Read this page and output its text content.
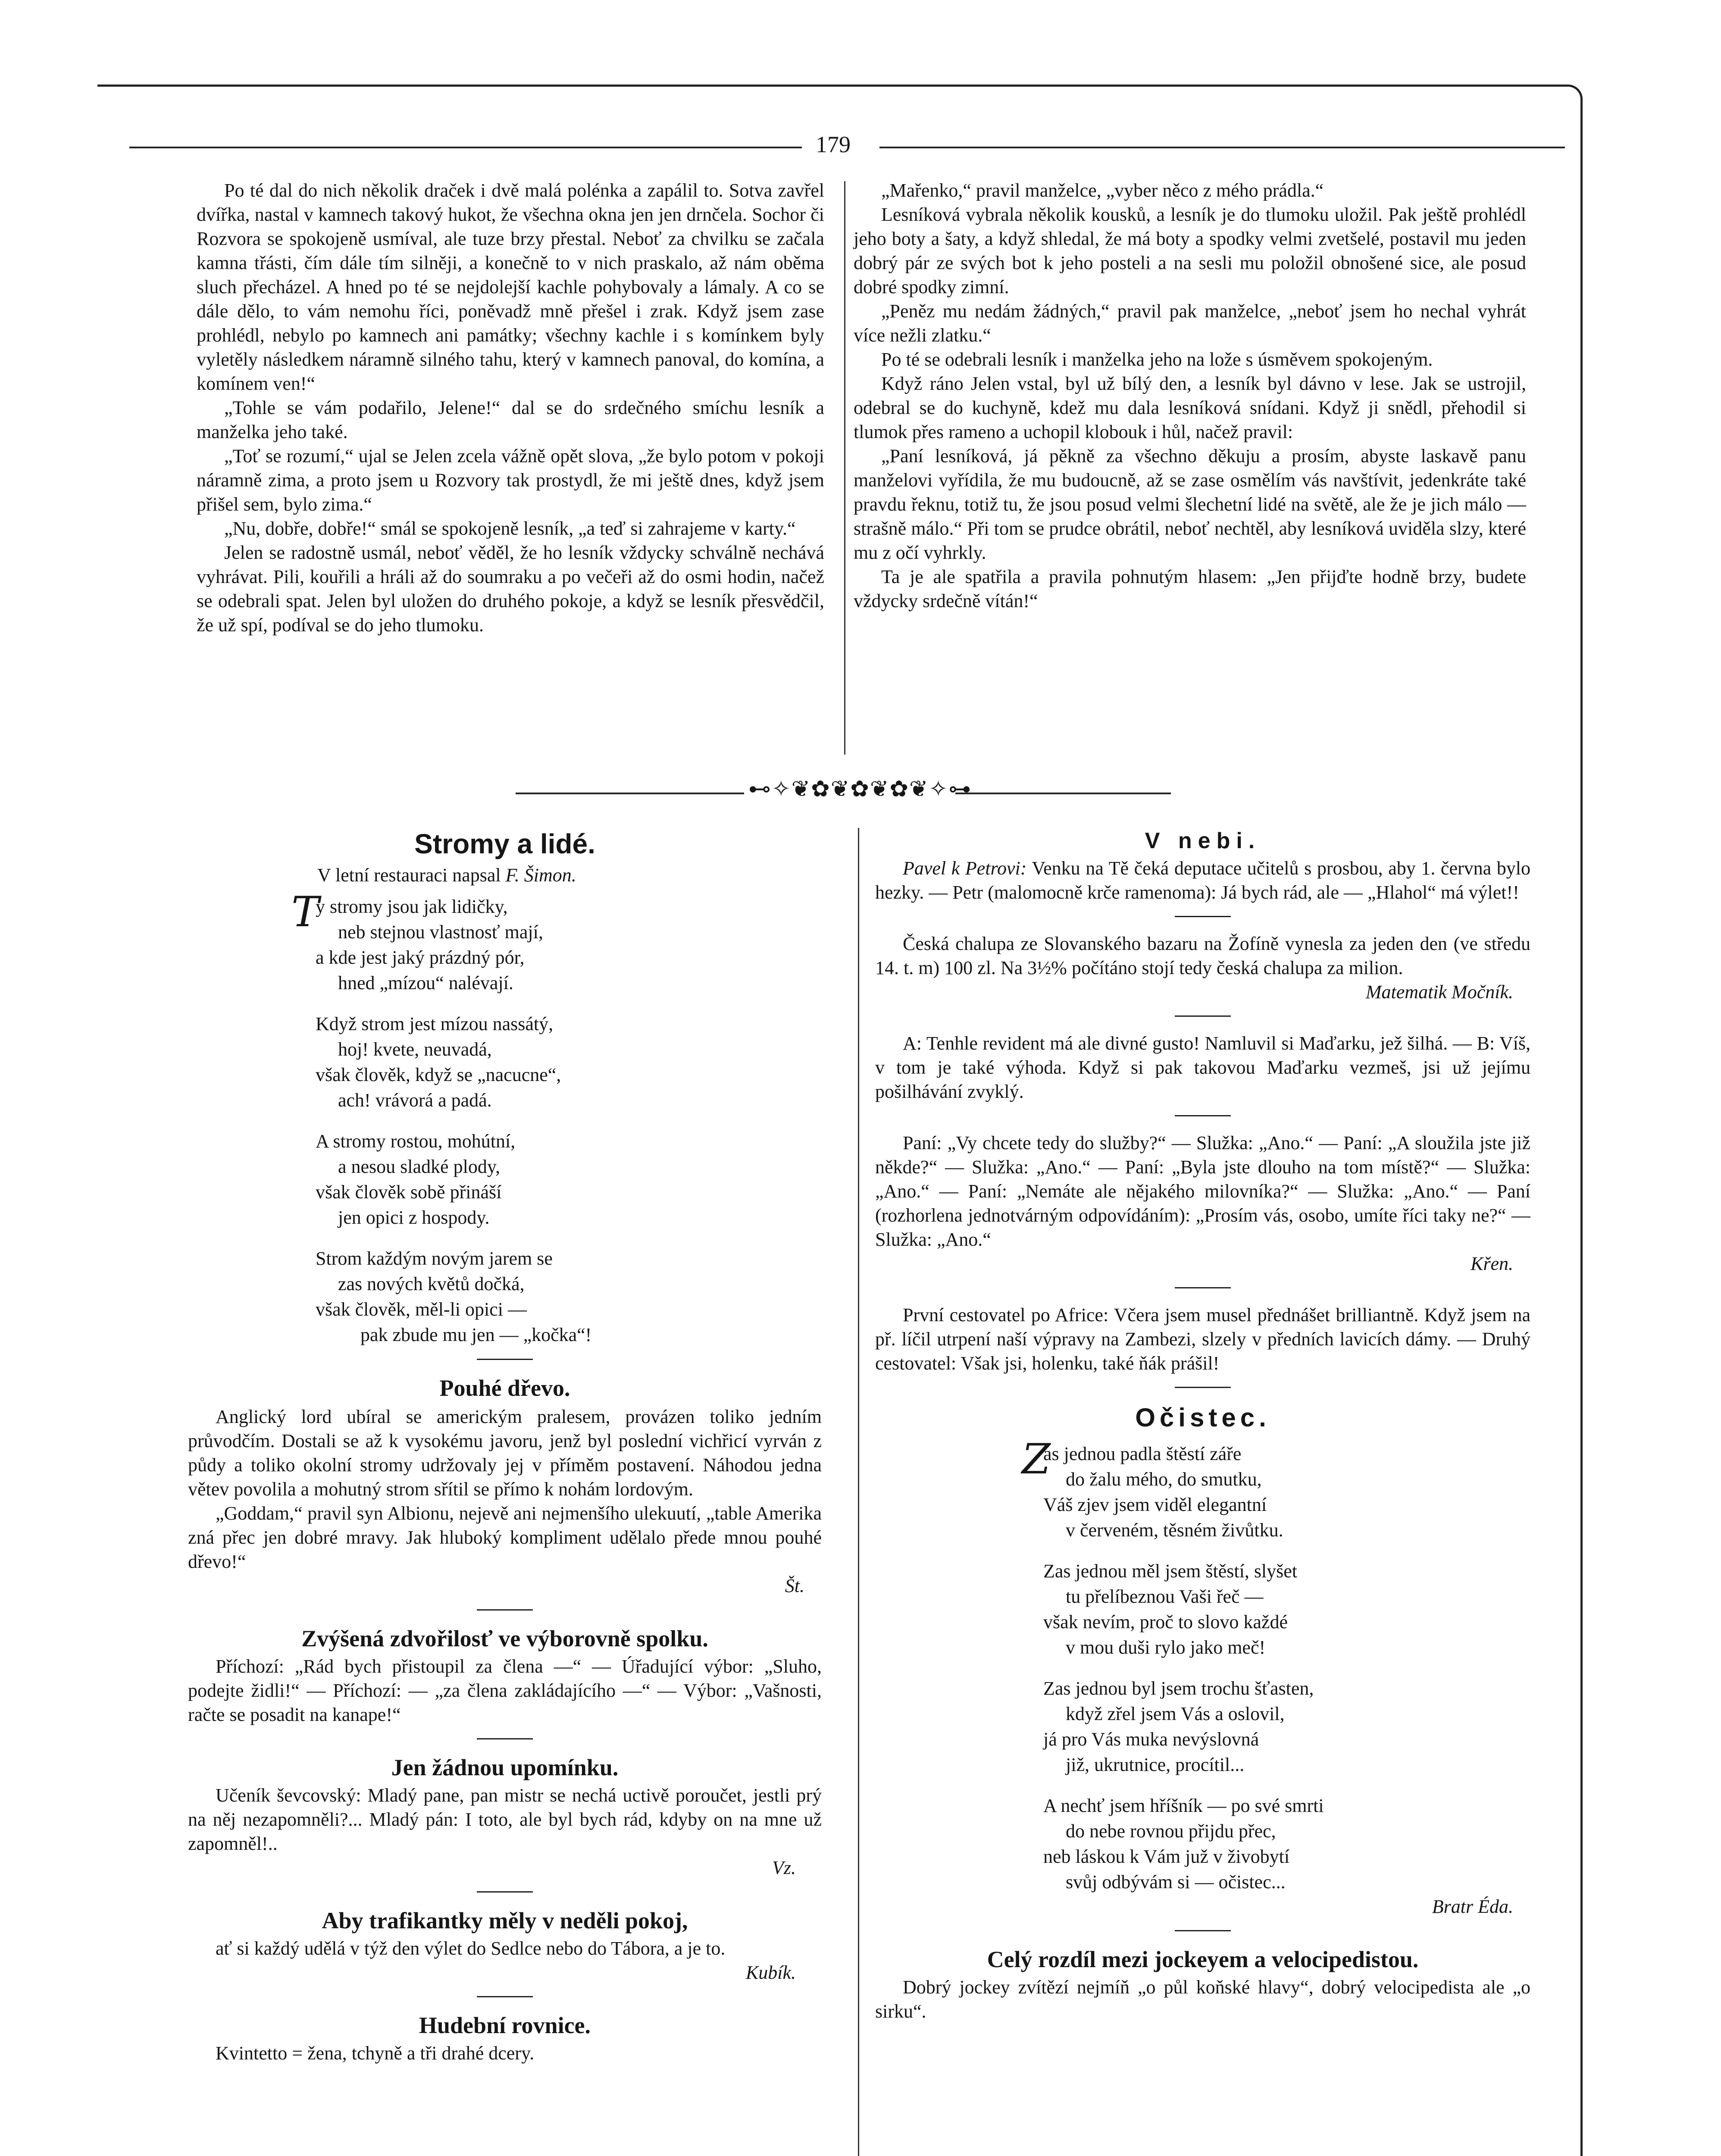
179

Po té dal do nich několik draček i dvě malá polénka a zapálil to. Sotva zavřel dvířka, nastal v kamnech takový hukot, že všechna okna jen jen drnčela. Sochor či Rozvora se spokojeně usmíval, ale tuze brzy přestal. Neboť za chvilku se začala kamna třásti, čím dále tím silněji, a konečně to v nich praskalo, až nám oběma sluch přecházel. A hned po té se nejdolejší kachle pohybovaly a lámaly. A co se dále dělo, to vám nemohu říci, poněvadž mně přešel i zrak. Když jsem zase prohlédl, nebylo po kamnech ani památky; všechny kachle i s komínkem byly vyletěly následkem náramně silného tahu, který v kamnech panoval, do komína, a komínem ven!“

„Tohle se vám podařilo, Jelene!“ dal se do srdečného smíchu lesník a manželka jeho také.

„Toť se rozumí,“ ujal se Jelen zcela vážně opět slova, „že bylo potom v pokoji náramně zima, a proto jsem u Rozvory tak prostydl, že mi ještě dnes, když jsem přišel sem, bylo zima.“

„Nu, dobře, dobře!“ smál se spokojeně lesník, „a teď si zahrajeme v karty.“

Jelen se radostně usmál, neboť věděl, že ho lesník vždycky schválně nechává vyhrávat. Pili, kouřili a hráli až do soumraku a po večeři až do osmi hodin, načež se odebrali spat. Jelen byl uložen do druhého pokoje, a když se lesník přesvědčil, že už spí, podíval se do jeho tlumoku.

„Mařenko,“ pravil manželce, „vyber něco z mého prádla.“

Lesníková vybrala několik kousků, a lesník je do tlumoku uložil. Pak ještě prohlédl jeho boty a šaty, a když shledal, že má boty a spodky velmi zvetšelé, postavil mu jeden dobrý pár ze svých bot k jeho posteli a na sesli mu položil obnošené sice, ale posud dobré spodky zimní.

„Peněz mu nedám žádných,“ pravil pak manželce, „neboť jsem ho nechal vyhrát více nežli zlatku.“

Po té se odebrali lesník i manželka jeho na lože s úsměvem spokojeným.

Když ráno Jelen vstal, byl už bílý den, a lesník byl dávno v lese. Jak se ustrojil, odebral se do kuchyně, kdež mu dala lesníková snídani. Když ji snědl, přehodil si tlumok přes rameno a uchopil klobouk i hůl, načež pravil:

„Paní lesníková, já pěkně za všechno děkuju a prosím, abyste laskavě panu manželovi vyřídila, že mu budoucně, až se zase osmělím vás navštívit, jedenkráte také pravdu řeknu, totiž tu, že jsou posud velmi šlechetní lidé na světě, ale že je jich málo — strašně málo.“ Při tom se prudce obrátil, neboť nechtěl, aby lesníková uviděla slzy, které mu z očí vyhrkly.

Ta je ale spatřila a pravila pohnutým hlasem: „Jen přijďte hodně brzy, budete vždycky srdečně vítán!“

⊷✧❦✿❦✿❦✿❦✧⊶
Stromy a lidé.
V letní restauraci napsal F. Šimon.
T
y stromy jsou jak lidičky,
neb stejnou vlastnosť mají,
a kde jest jaký prázdný pór,
hned „mízou“ nalévají.
Když strom jest mízou nassátý,
hoj! kvete, neuvadá,
však člověk, když se „nacucne“,
ach! vrávorá a padá.
A stromy rostou, mohútní,
a nesou sladké plody,
však člověk sobě přináší
jen opici z hospody.
Strom každým novým jarem se
zas nových květů dočká,
však člověk, měl-li opici —
pak zbude mu jen — „kočka“!
Pouhé dřevo.

Anglický lord ubíral se americkým pralesem, provázen toliko jedním průvodčím. Dostali se až k vysokému javoru, jenž byl poslední vichřicí vyrván z půdy a toliko okolní stromy udržovaly jej v příměm postavení. Náhodou jedna větev povolila a mohutný strom sřítil se přímo k nohám lordovým.

„Goddam,“ pravil syn Albionu, nejevě ani nejmenšího ulekuutí, „table Amerika zná přec jen dobré mravy. Jak hluboký kompliment udělalo přede mnou pouhé dřevo!“

Št.
Zvýšená zdvořilosť ve výborovně spolku.

Příchozí: „Rád bych přistoupil za člena —“ — Úřadující výbor: „Sluho, podejte židli!“ — Příchozí: — „za člena zakládajícího —“ — Výbor: „Vašnosti, račte se posadit na kanape!“

Jen žádnou upomínku.

Učeník ševcovský: Mladý pane, pan mistr se nechá uctivě poroučet, jestli prý na něj nezapomněli?... Mladý pán: I toto, ale byl bych rád, kdyby on na mne už zapomněl!..

Vz.
Aby trafikantky měly v neděli pokoj,

ať si každý udělá v týž den výlet do Sedlce nebo do Tábora, a je to.

Kubík.
Hudební rovnice.

Kvintetto = žena, tchyně a tři drahé dcery.

V nebi.

Pavel k Petrovi: Venku na Tě čeká deputace učitelů s prosbou, aby 1. června bylo hezky. — Petr (malomocně krče ramenoma): Já bych rád, ale — „Hlahol“ má výlet!!

Česká chalupa ze Slovanského bazaru na Žofíně vynesla za jeden den (ve středu 14. t. m) 100 zl. Na 3½% počítáno stojí tedy česká chalupa za milion.

Matematik Močník.

A: Tenhle revident má ale divné gusto! Namluvil si Maďarku, jež šilhá. — B: Víš, v tom je také výhoda. Když si pak takovou Maďarku vezmeš, jsi už jejímu pošilhávání zvyklý.

Paní: „Vy chcete tedy do služby?“ — Služka: „Ano.“ — Paní: „A sloužila jste již někde?“ — Služka: „Ano.“ — Paní: „Byla jste dlouho na tom místě?“ — Služka: „Ano.“ — Paní: „Nemáte ale nějakého milovníka?“ — Služka: „Ano.“ — Paní (rozhorlena jednotvárným odpovídáním): „Prosím vás, osobo, umíte říci taky ne?“ — Služka: „Ano.“

Křen.

První cestovatel po Africe: Včera jsem musel přednášet brilliantně. Když jsem na př. líčil utrpení naší výpravy na Zambezi, slzely v předních lavicích dámy. — Druhý cestovatel: Však jsi, holenku, také ňák prášil!

Očistec.
Z
as jednou padla štěstí záře
do žalu mého, do smutku,
Váš zjev jsem viděl elegantní
v červeném, těsném živůtku.
Zas jednou měl jsem štěstí, slyšet
tu přelíbeznou Vaši řeč —
však nevím, proč to slovo každé
v mou duši rylo jako meč!
Zas jednou byl jsem trochu šťasten,
když zřel jsem Vás a oslovil,
já pro Vás muka nevýslovná
již, ukrutnice, procítil...
A nechť jsem hříšník — po své smrti
do nebe rovnou přijdu přec,
neb láskou k Vám juž v živobytí
svůj odbývám si — očistec...
Bratr Éda.
Celý rozdíl mezi jockeyem a velocipedistou.

Dobrý jockey zvítězí nejmíň „o půl koňské hlavy“, dobrý velocipedista ale „o sirku“.
